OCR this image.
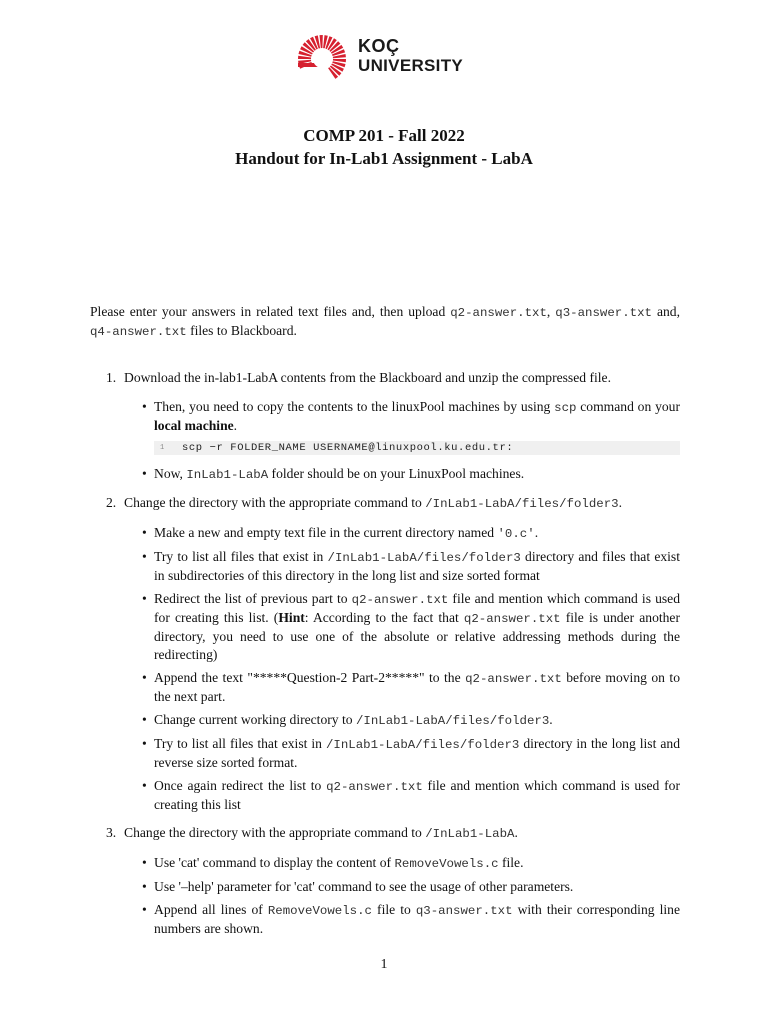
KOÇ
UNIVERSITY
COMP 201 - Fall 2022
Handout for In-Lab1 Assignment - LabA
Please enter your answers in related text files and, then upload q2-answer.txt, q3-answer.txt and, q4-answer.txt files to Blackboard.
1. Download the in-lab1-LabA contents from the Blackboard and unzip the compressed file.
• Then, you need to copy the contents to the linuxPool machines by using scp command on your local machine.
1 scp −r FOLDER_NAME USERNAME@linuxpool.ku.edu.tr:
• Now, InLab1-LabA folder should be on your LinuxPool machines.
2. Change the directory with the appropriate command to /InLab1-LabA/files/folder3.
• Make a new and empty text file in the current directory named '0.c'.
• Try to list all files that exist in /InLab1-LabA/files/folder3 directory and files that exist in subdirectories of this directory in the long list and size sorted format
• Redirect the list of previous part to q2-answer.txt file and mention which command is used for creating this list. (Hint: According to the fact that q2-answer.txt file is under another directory, you need to use one of the absolute or relative addressing methods during the redirecting)
• Append the text "*****Question-2 Part-2*****" to the q2-answer.txt before moving on to the next part.
• Change current working directory to /InLab1-LabA/files/folder3.
• Try to list all files that exist in /InLab1-LabA/files/folder3 directory in the long list and reverse size sorted format.
• Once again redirect the list to q2-answer.txt file and mention which command is used for creating this list
3. Change the directory with the appropriate command to /InLab1-LabA.
• Use 'cat' command to display the content of RemoveVowels.c file.
• Use '–help' parameter for 'cat' command to see the usage of other parameters.
• Append all lines of RemoveVowels.c file to q3-answer.txt with their corresponding line numbers are shown.
1
